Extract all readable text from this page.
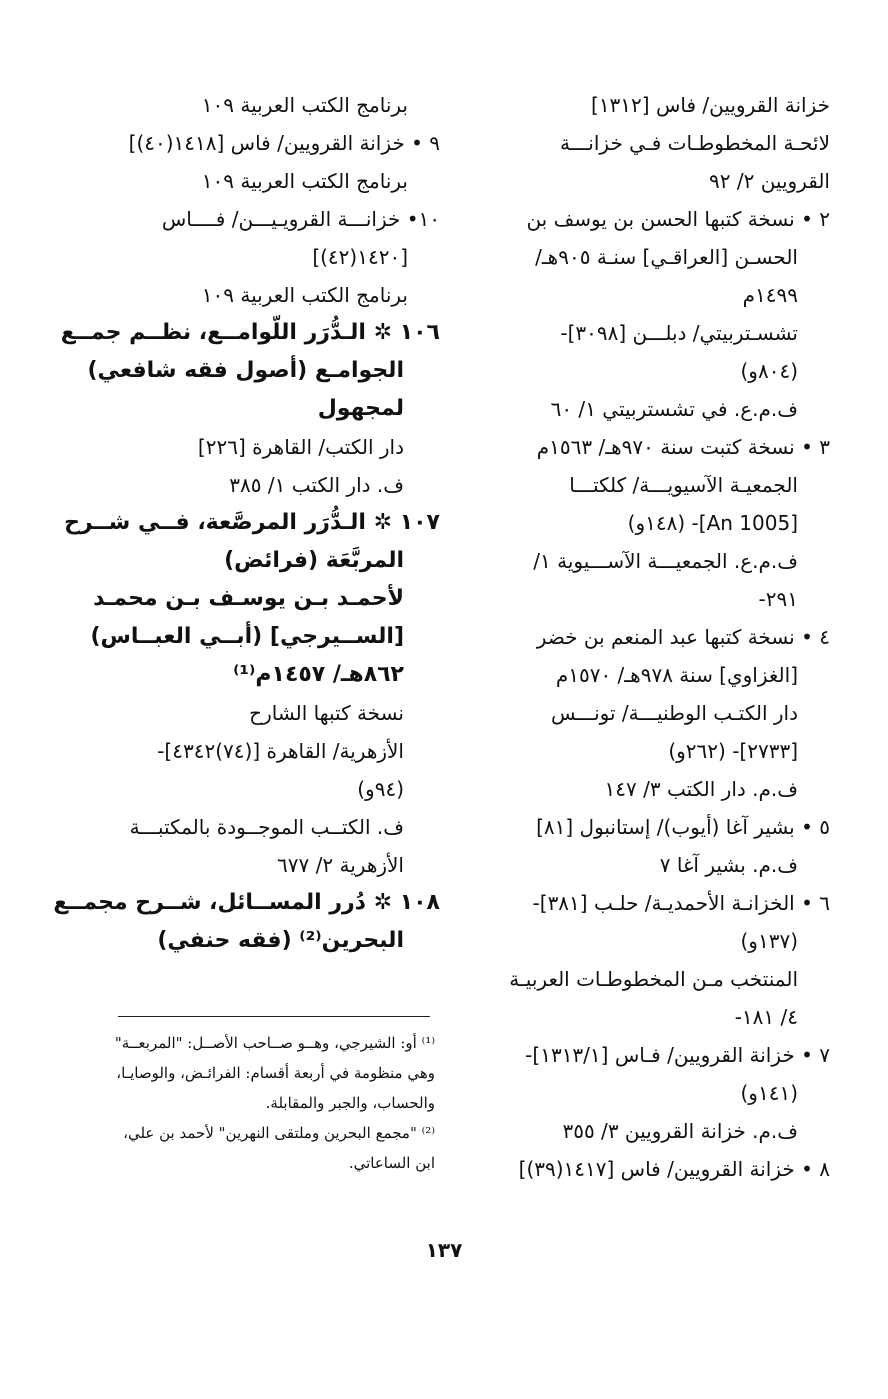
خزانة القرويين/ فاس [١٣١٢]
لائحـة المخطوطـات فـي خزانـــة
القرويين ٢/ ٩٢
٢ • نسخة كتبها الحسن بن يوسف بن
الحسـن [العراقـي] سنـة ٩٠٥هـ/
١٤٩٩م
تشسـتربيتي/ دبلـــن [٣٠٩٨]-
(٨٠٤و)
ف.م.ع. في تشستربيتي ١/ ٦٠
٣ • نسخة كتبت سنة ٩٧٠هـ/ ١٥٦٣م
الجمعيـة الآسيويـــة/ كلكتـــا
[An 1005]- (١٤٨و)
ف.م.ع. الجمعيـــة الآســـيوية ١/
٢٩١-
٤ • نسخة كتبها عبد المنعم بن خضر
[الغزاوي] سنة ٩٧٨هـ/ ١٥٧٠م
دار الكتـب الوطنيـــة/ تونـــس
[٢٧٣٣]- (٢٦٢و)
ف.م. دار الكتب ٣/ ١٤٧
٥ • بشير آغا (أيوب)/ إستانبول [٨١]
ف.م. بشير آغا ٧
٦ • الخزانـة الأحمديـة/ حلـب [٣٨١]-
(١٣٧و)
المنتخب مـن المخطوطـات العربيـة
٤/ ١٨١-
٧ • خزانة القرويين/ فـاس [١٣١٣/١]-
(١٤١و)
ف.م. خزانة القرويين ٣/ ٣٥٥
٨ • خزانة القرويين/ فاس [١٤١٧(٣٩)]
برنامج الكتب العربية ١٠٩
٩ • خزانة القرويين/ فاس [١٤١٨(٤٠)]
برنامج الكتب العربية ١٠٩
١٠• خزانـــة القرويـيـــن/ فــــاس
[١٤٢٠(٤٢)]
برنامج الكتب العربية ١٠٩
١٠٦ ✲ الـدُّرَر اللّوامــع، نظــم جمــع
الجوامـع (أصول فقه شافعي)
لمجهول
دار الكتب/ القاهرة [٢٢٦]
ف. دار الكتب ١/ ٣٨٥
١٠٧ ✲ الـدُّرَر المرصَّعة، فــي شــرح
المربَّعَة (فرائض)
لأحمـد بـن يوسـف بـن محمـد
[الســيرجي] (أبــي العبــاس)
٨٦٢هـ/ ١٤٥٧م⁽¹⁾
نسخة كتبها الشارح
الأزهرية/ القاهرة [(٧٤)٤٣٤٢]-
(٩٤و)
ف. الكتــب الموجــودة بالمكتبـــة
الأزهرية ٢/ ٦٧٧
١٠٨ ✲ دُرر المســائل، شــرح مجمــع
البحرين⁽²⁾ (فقه حنفي)
⁽¹⁾ أو: الشيرجي، وهــو صــاحب الأصــل: "المربعــة"
وهي منظومة في أربعة أقسام: الفرائـض، والوصايـا،
والحساب، والجبر والمقابلة.
⁽²⁾ "مجمع البحرين وملتقى النهرين" لأحمد بن علي،
ابن الساعاتي.
١٣٧
